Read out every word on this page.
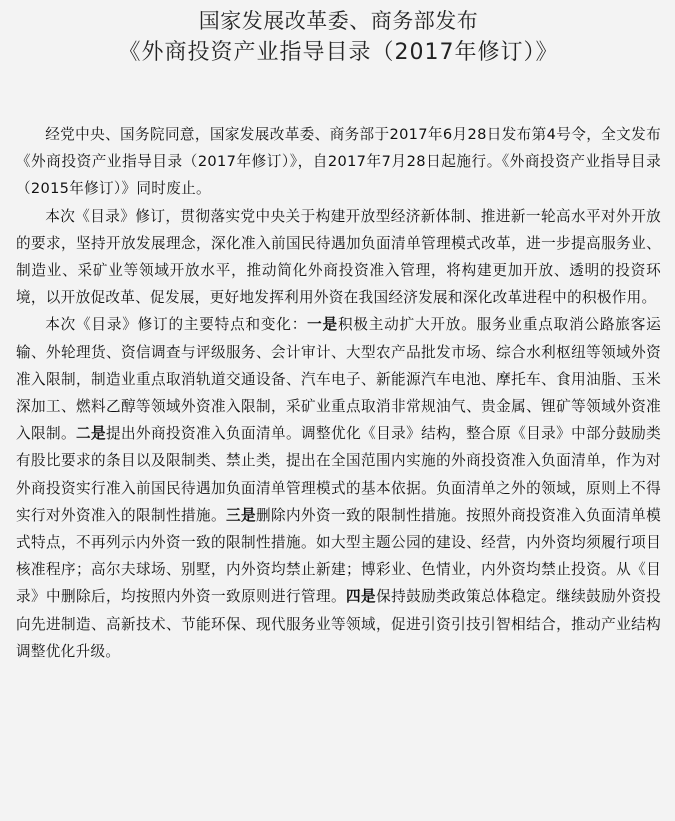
国家发展改革委、商务部发布
《外商投资产业指导目录（2017年修订）》

经党中央、国务院同意，国家发展改革委、商务部于2017年6月28日发布第4号令，全文发布《外商投资产业指导目录（2017年修订）》，自2017年7月28日起施行。《外商投资产业指导目录（2015年修订）》同时废止。

本次《目录》修订，贯彻落实党中央关于构建开放型经济新体制、推进新一轮高水平对外开放的要求，坚持开放发展理念，深化准入前国民待遇加负面清单管理模式改革，进一步提高服务业、制造业、采矿业等领域开放水平，推动简化外商投资准入管理，将构建更加开放、透明的投资环境，以开放促改革、促发展，更好地发挥利用外资在我国经济发展和深化改革进程中的积极作用。

本次《目录》修订的主要特点和变化：一是积极主动扩大开放。服务业重点取消公路旅客运输、外轮理货、资信调查与评级服务、会计审计、大型农产品批发市场、综合水利枢纽等领域外资准入限制，制造业重点取消轨道交通设备、汽车电子、新能源汽车电池、摩托车、食用油脂、玉米深加工、燃料乙醇等领域外资准入限制，采矿业重点取消非常规油气、贵金属、锂矿等领域外资准入限制。二是提出外商投资准入负面清单。调整优化《目录》结构，整合原《目录》中部分鼓励类有股比要求的条目以及限制类、禁止类，提出在全国范围内实施的外商投资准入负面清单，作为对外商投资实行准入前国民待遇加负面清单管理模式的基本依据。负面清单之外的领域，原则上不得实行对外资准入的限制性措施。三是删除内外资一致的限制性措施。按照外商投资准入负面清单模式特点，不再列示内外资一致的限制性措施。如大型主题公园的建设、经营，内外资均须履行项目核准程序；高尔夫球场、别墅，内外资均禁止新建；博彩业、色情业，内外资均禁止投资。从《目录》中删除后，均按照内外资一致原则进行管理。四是保持鼓励类政策总体稳定。继续鼓励外资投向先进制造、高新技术、节能环保、现代服务业等领域，促进引资引技引智相结合，推动产业结构调整优化升级。
